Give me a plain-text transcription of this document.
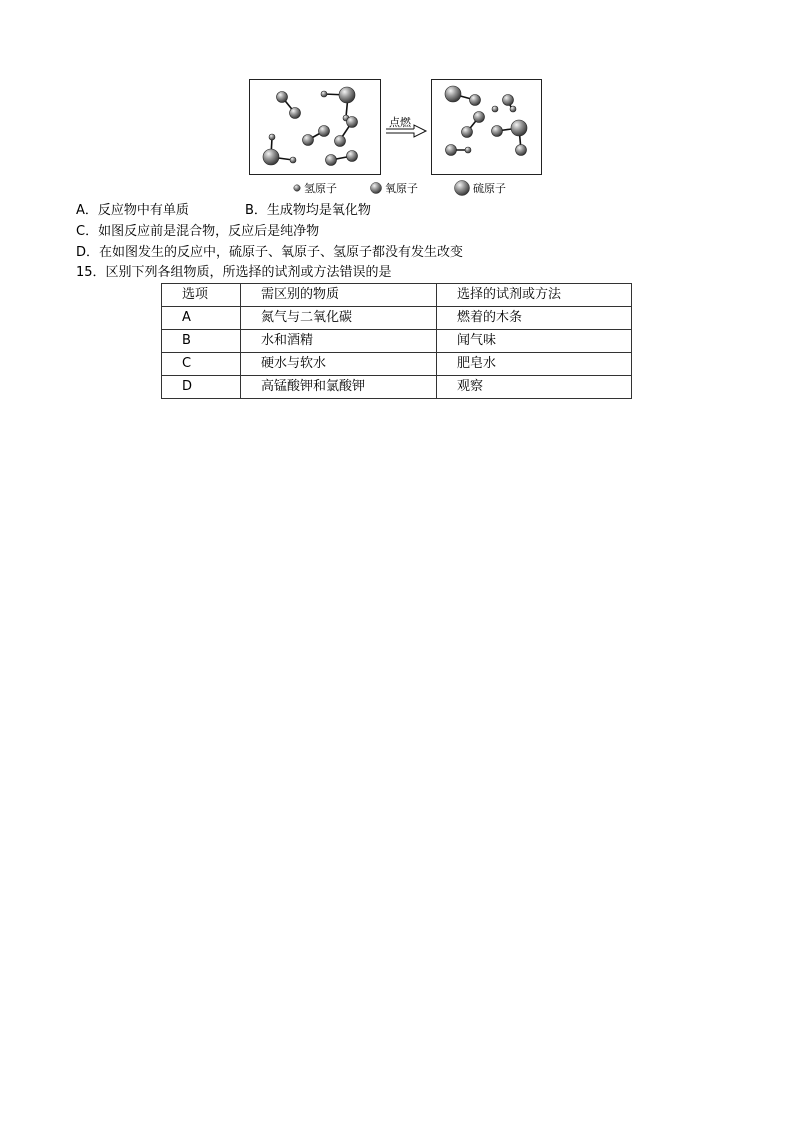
点燃
氢原子	氧原子	硫原子
A．反应物中有单质	B．生成物均是氧化物
C．如图反应前是混合物，反应后是纯净物
D．在如图发生的反应中，硫原子、氧原子、氢原子都没有发生改变
15．区别下列各组物质，所选择的试剂或方法错误的是
选项	需区别的物质	选择的试剂或方法
A	氮气与二氧化碳	燃着的木条
B	水和酒精	闻气味
C	硬水与软水	肥皂水
D	高锰酸钾和氯酸钾	观察
